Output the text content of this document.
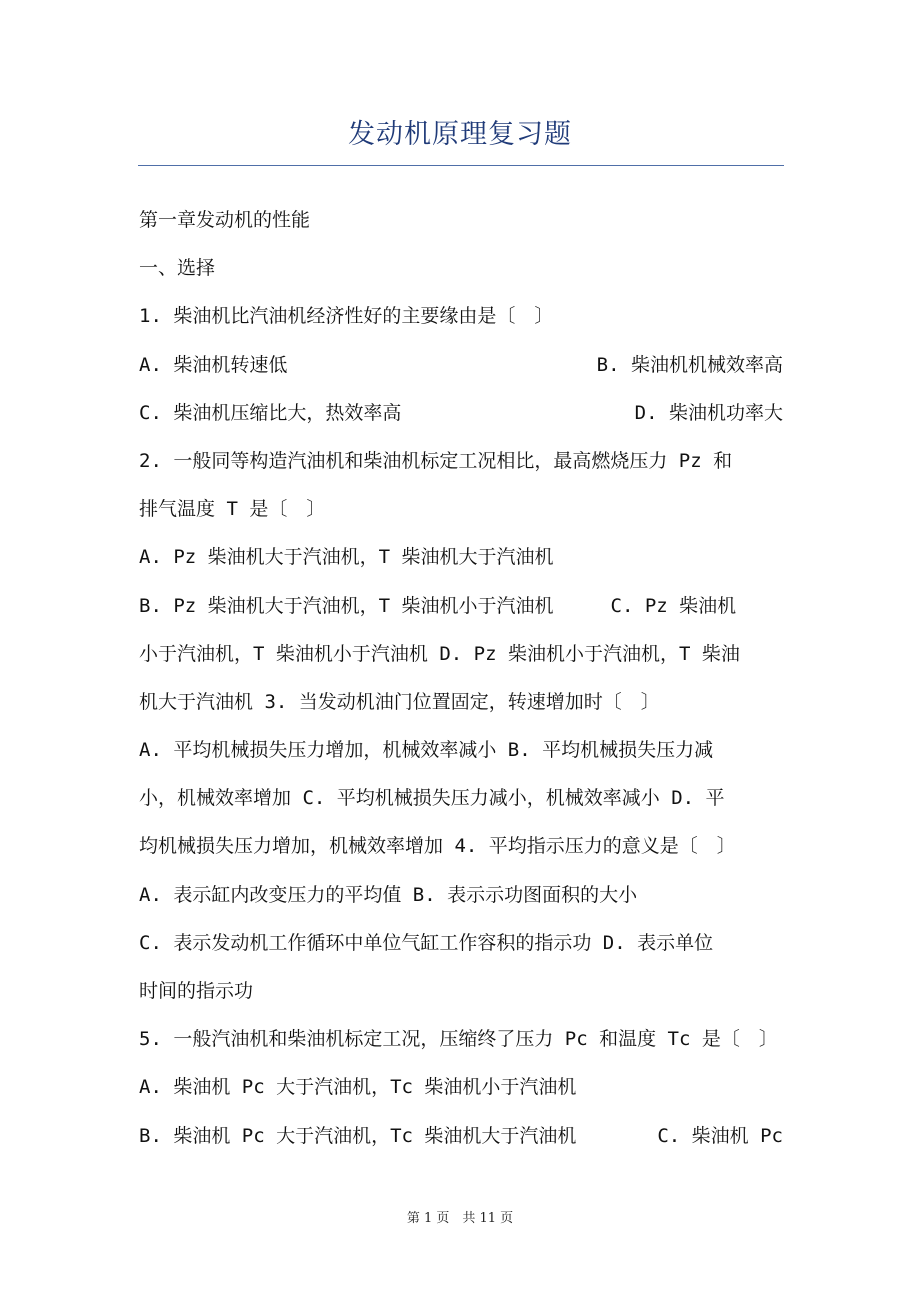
发动机原理复习题
第一章发动机的性能
一、选择
1. 柴油机比汽油机经济性好的主要缘由是〔　〕
A. 柴油机转速低	B. 柴油机机械效率高
C. 柴油机压缩比大，热效率高	D. 柴油机功率大
2. 一般同等构造汽油机和柴油机标定工况相比，最高燃烧压力 Pz 和
排气温度 T 是〔　〕
A. Pz 柴油机大于汽油机，T 柴油机大于汽油机
B. Pz 柴油机大于汽油机，T 柴油机小于汽油机　　　C. Pz 柴油机
小于汽油机，T 柴油机小于汽油机 D. Pz 柴油机小于汽油机，T 柴油
机大于汽油机 3. 当发动机油门位置固定，转速增加时〔　〕
A. 平均机械损失压力增加，机械效率减小 B. 平均机械损失压力减
小，机械效率增加 C. 平均机械损失压力减小，机械效率减小 D. 平
均机械损失压力增加，机械效率增加 4. 平均指示压力的意义是〔　〕
A. 表示缸内改变压力的平均值 B. 表示示功图面积的大小
C. 表示发动机工作循环中单位气缸工作容积的指示功 D. 表示单位
时间的指示功
5. 一般汽油机和柴油机标定工况，压缩终了压力 Pc 和温度 Tc 是〔　〕
A. 柴油机 Pc 大于汽油机，Tc 柴油机小于汽油机
B. 柴油机 Pc 大于汽油机，Tc 柴油机大于汽油机	C. 柴油机 Pc
第 1 页　共 11 页
